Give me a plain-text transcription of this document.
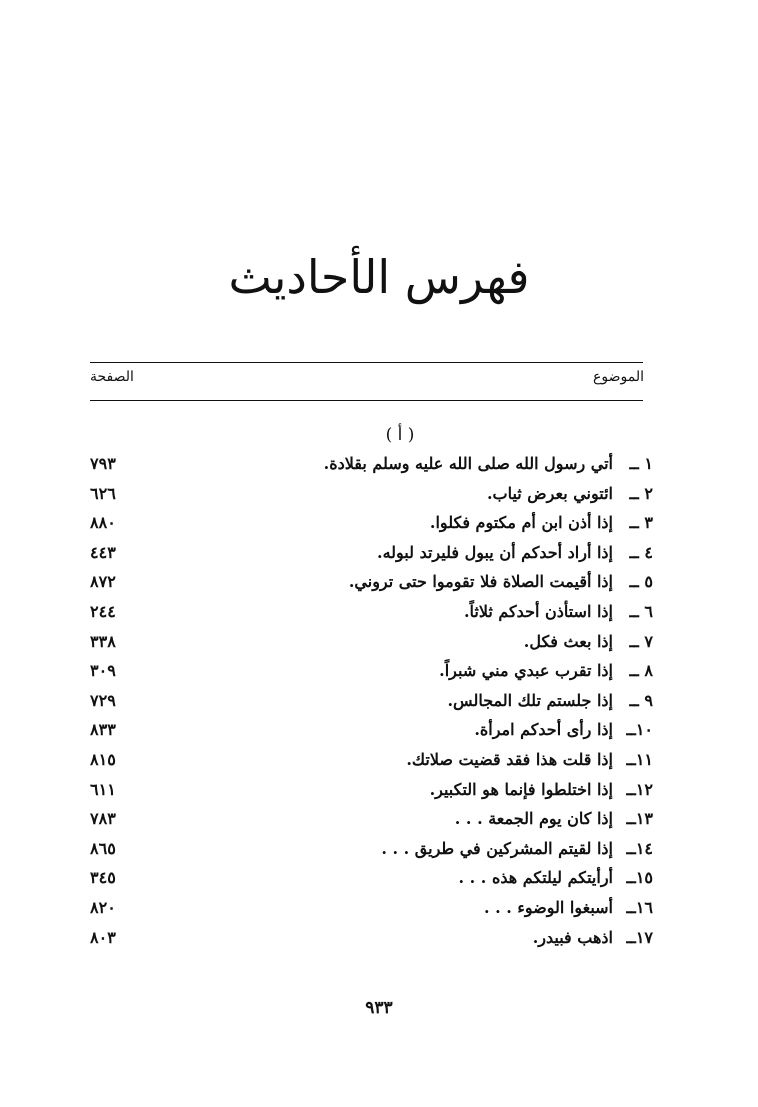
فهرس الأحاديث
الموضوع
الصفحة
( أ )
١ ــ
أتي رسول الله صلى الله عليه وسلم بقلادة.
٧٩٣
٢ ــ
ائتوني بعرض ثياب.
٦٢٦
٣ ــ
إذا أذن ابن أم مكتوم فكلوا.
٨٨٠
٤ ــ
إذا أراد أحدكم أن يبول فليرتد لبوله.
٤٤٣
٥ ــ
إذا أقيمت الصلاة فلا تقوموا حتى تروني.
٨٧٢
٦ ــ
إذا استأذن أحدكم ثلاثاً.
٢٤٤
٧ ــ
إذا بعث فكل.
٣٣٨
٨ ــ
إذا تقرب عبدي مني شبراً.
٣٠٩
٩ ــ
إذا جلستم تلك المجالس.
٧٢٩
١٠ــ
إذا رأى أحدكم امرأة.
٨٣٣
١١ــ
إذا قلت هذا فقد قضيت صلاتك.
٨١٥
١٢ــ
إذا اختلطوا فإنما هو التكبير.
٦١١
١٣ــ
إذا كان يوم الجمعة . . .
٧٨٣
١٤ــ
إذا لقيتم المشركين في طريق . . .
٨٦٥
١٥ــ
أرأيتكم ليلتكم هذه . . .
٣٤٥
١٦ــ
أسبغوا الوضوء . . .
٨٢٠
١٧ــ
اذهب فبيدر.
٨٠٣
٩٣٣
